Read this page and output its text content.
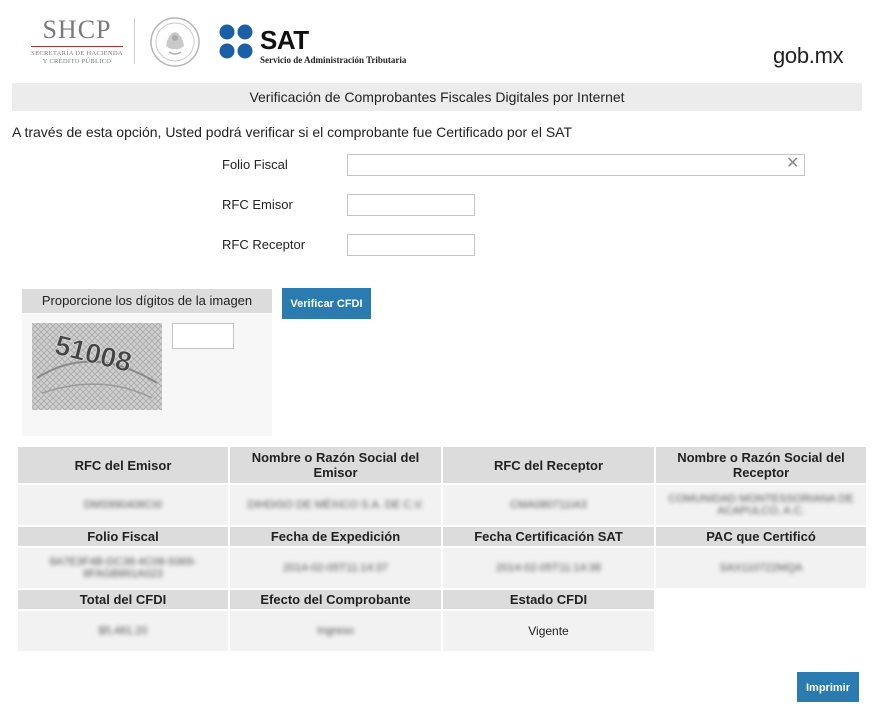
SHCP
SECRETARÍA DE HACIENDA
Y CRÉDITO PÚBLICO
SAT
Servicio de Administración Tributaria	gob.mx
Verificación de Comprobantes Fiscales Digitales por Internet
A través de esta opción, Usted podrá verificar si el comprobante fue Certificado por el SAT
Folio Fiscal	✕
RFC Emisor
RFC Receptor
Proporcione los dígitos de la imagen
51008
Verificar CFDI
RFC del Emisor	Nombre o Razón Social del Emisor	RFC del Receptor	Nombre o Razón Social del Receptor
DMS990406CI0	DIHDISO DE MÉXICO S.A. DE C.V.	CMA080711IA3	COMUNIDAD MONTESSORIANA DE ACAPULCO, A.C.
Folio Fiscal	Fecha de Expedición	Fecha Certificación SAT	PAC que Certificó
8A7E3F4B-DC38-4C08-9369-8FAGB891A023	2014-02-05T11:14:37	2014-02-05T11:14:38	SAX110722MQA
Total del CFDI	Efecto del Comprobante	Estado CFDI	
$5,481.20	Ingreso	Vigente	
Imprimir
